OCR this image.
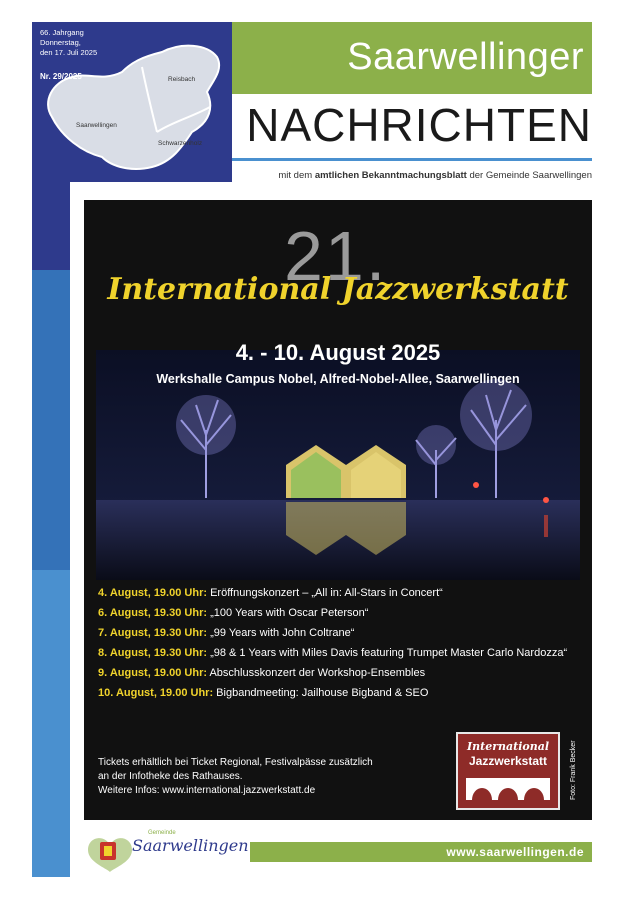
66. Jahrgang
Donnerstag,
den 17. Juli 2025
Nr. 29/2025	Reisbach
Saarwellingen
Schwarzenholz
Saarwellinger
NACHRICHTEN
mit dem amtlichen Bekanntmachungsblatt der Gemeinde Saarwellingen
21.
International Jazzwerkstatt
4. - 10. August 2025
Werkshalle Campus Nobel, Alfred-Nobel-Allee, Saarwellingen
4. August, 19.00 Uhr: Eröffnungskonzert – „All in: All-Stars in Concert“
6. August, 19.30 Uhr: „100 Years with Oscar Peterson“
7. August, 19.30 Uhr: „99 Years with John Coltrane“
8. August, 19.30 Uhr: „98 & 1 Years with Miles Davis featuring Trumpet Master Carlo Nardozza“
9. August, 19.00 Uhr: Abschlusskonzert der Workshop-Ensembles
10. August, 19.00 Uhr: Bigbandmeeting: Jailhouse Bigband & SEO
Tickets erhältlich bei Ticket Regional, Festivalpässe zusätzlich
an der Infotheke des Rathauses.
Weitere Infos: www.international.jazzwerkstatt.de
International
Jazzwerkstatt	Foto: Frank Becker
Gemeinde
Saarwellingen	www.saarwellingen.de
